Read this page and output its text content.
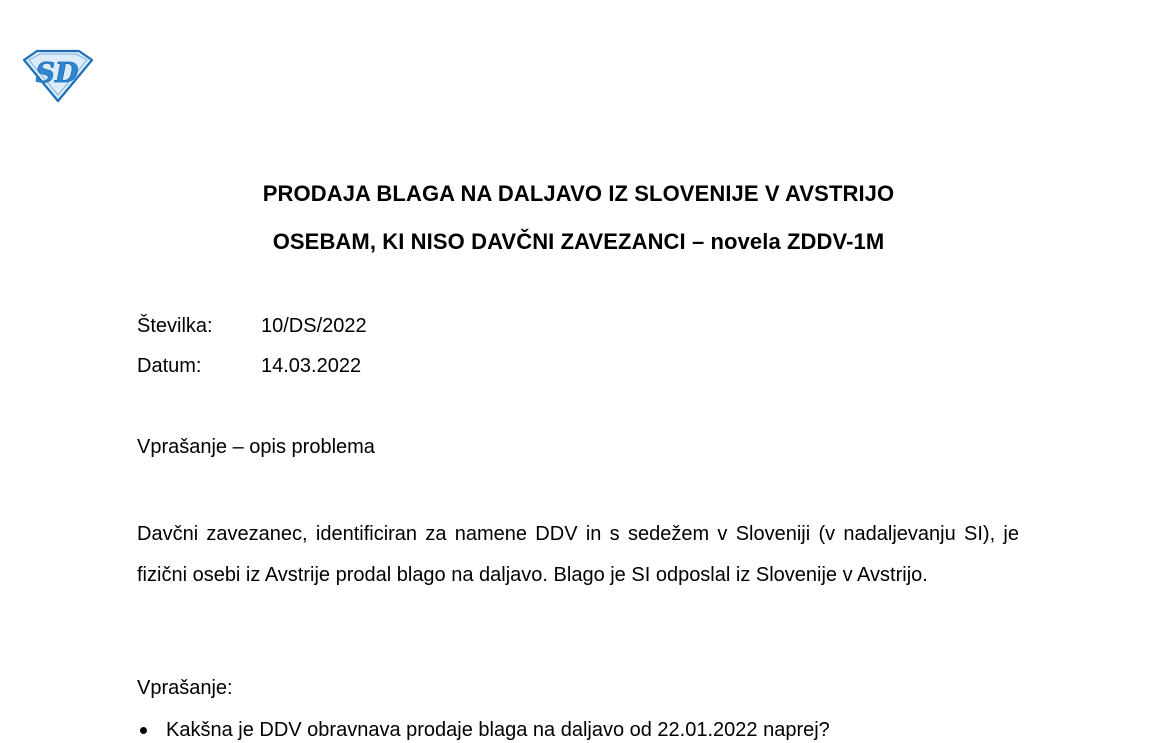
SD
PRODAJA BLAGA NA DALJAVO IZ SLOVENIJE V AVSTRIJO
OSEBAM, KI NISO DAVČNI ZAVEZANCI – novela ZDDV-1M
Številka: 10/DS/2022
Datum:	14.03.2022
Vprašanje – opis problema
Davčni zavezanec, identificiran za namene DDV in s sedežem v Sloveniji (v nadaljevanju SI), je fizični osebi iz Avstrije prodal blago na daljavo. Blago je SI odposlal iz Slovenije v Avstrijo.
Vprašanje:
Kakšna je DDV obravnava prodaje blaga na daljavo od 22.01.2022 naprej?
